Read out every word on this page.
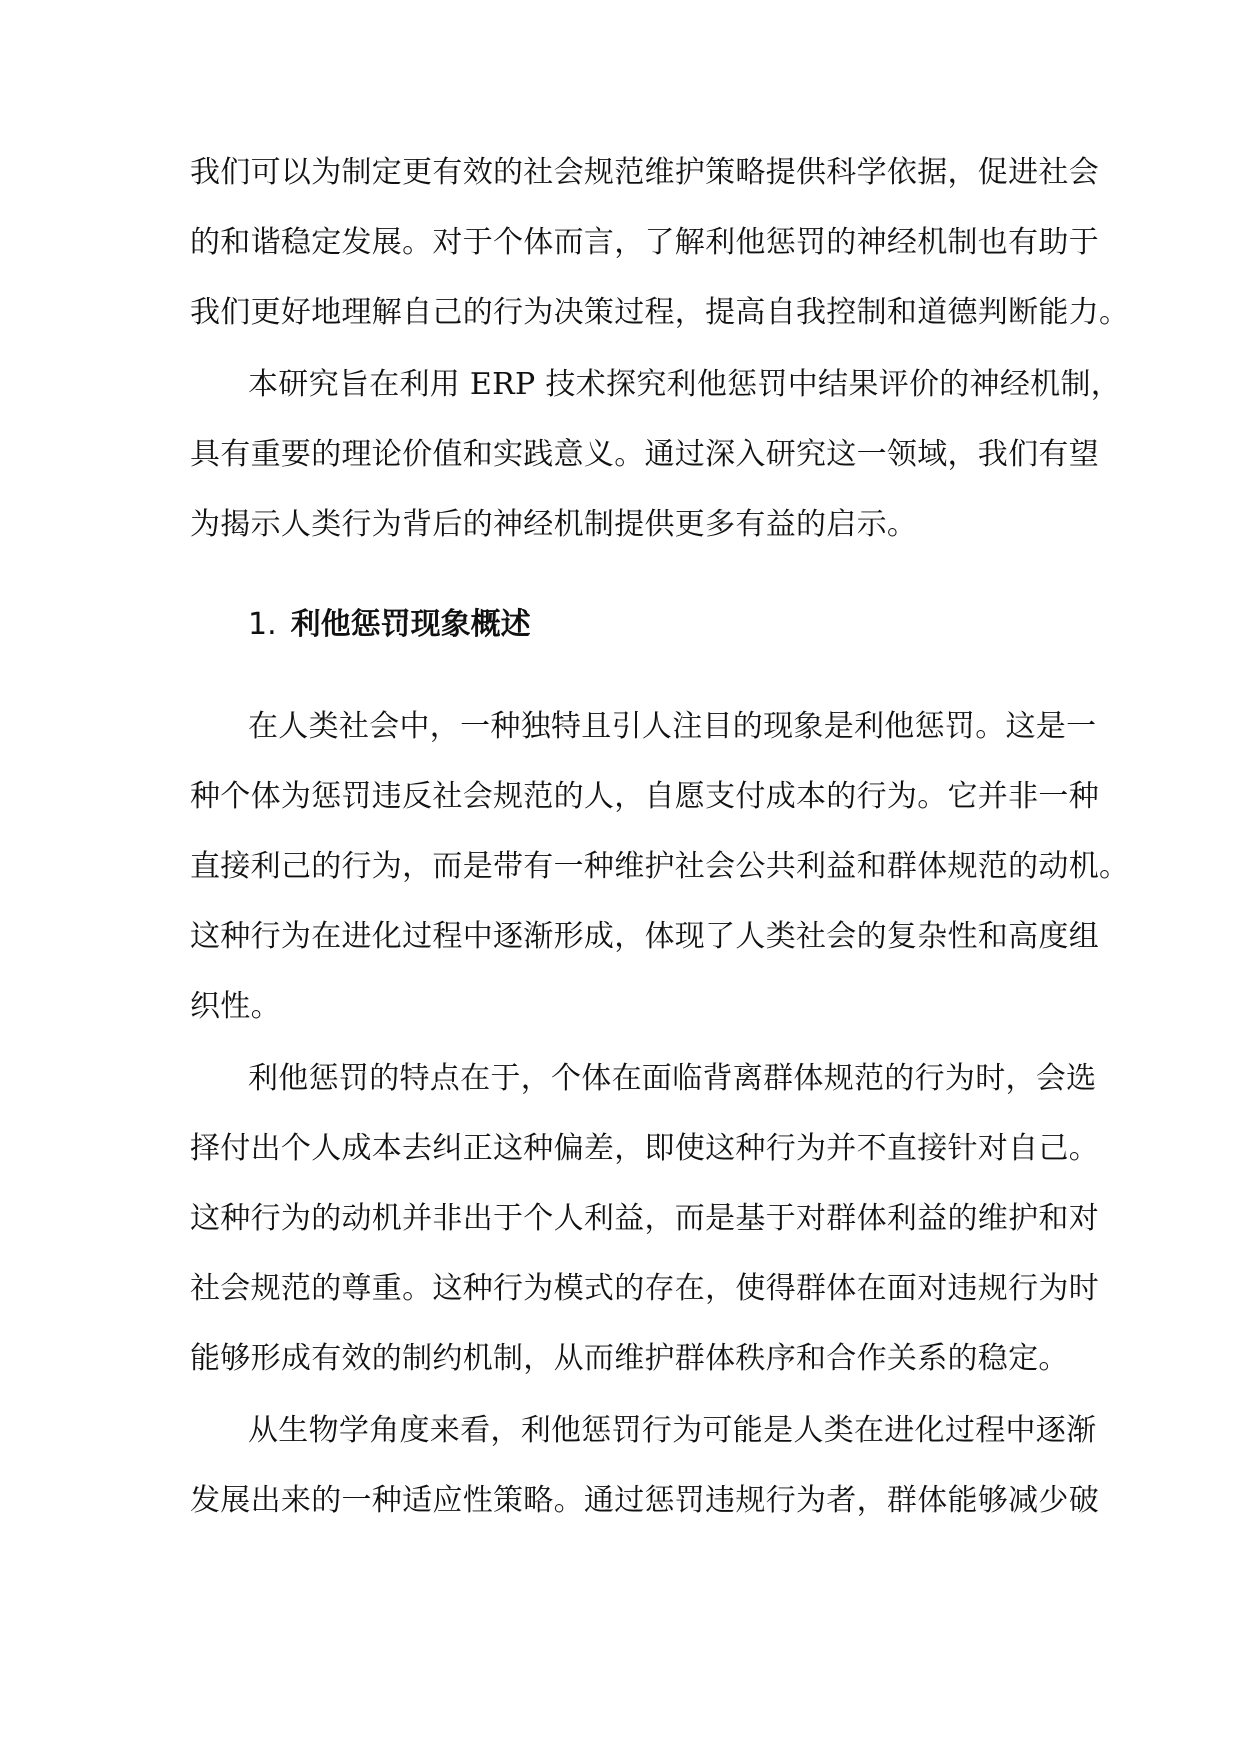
我们可以为制定更有效的社会规范维护策略提供科学依据，促进社会
的和谐稳定发展。对于个体而言，了解利他惩罚的神经机制也有助于
我们更好地理解自己的行为决策过程，提高自我控制和道德判断能力。
本研究旨在利用 ERP 技术探究利他惩罚中结果评价的神经机制，
具有重要的理论价值和实践意义。通过深入研究这一领域，我们有望
为揭示人类行为背后的神经机制提供更多有益的启示。
1. 利他惩罚现象概述
在人类社会中，一种独特且引人注目的现象是利他惩罚。这是一
种个体为惩罚违反社会规范的人，自愿支付成本的行为。它并非一种
直接利己的行为，而是带有一种维护社会公共利益和群体规范的动机。
这种行为在进化过程中逐渐形成，体现了人类社会的复杂性和高度组
织性。
利他惩罚的特点在于，个体在面临背离群体规范的行为时，会选
择付出个人成本去纠正这种偏差，即使这种行为并不直接针对自己。
这种行为的动机并非出于个人利益，而是基于对群体利益的维护和对
社会规范的尊重。这种行为模式的存在，使得群体在面对违规行为时
能够形成有效的制约机制，从而维护群体秩序和合作关系的稳定。
从生物学角度来看，利他惩罚行为可能是人类在进化过程中逐渐
发展出来的一种适应性策略。通过惩罚违规行为者，群体能够减少破
